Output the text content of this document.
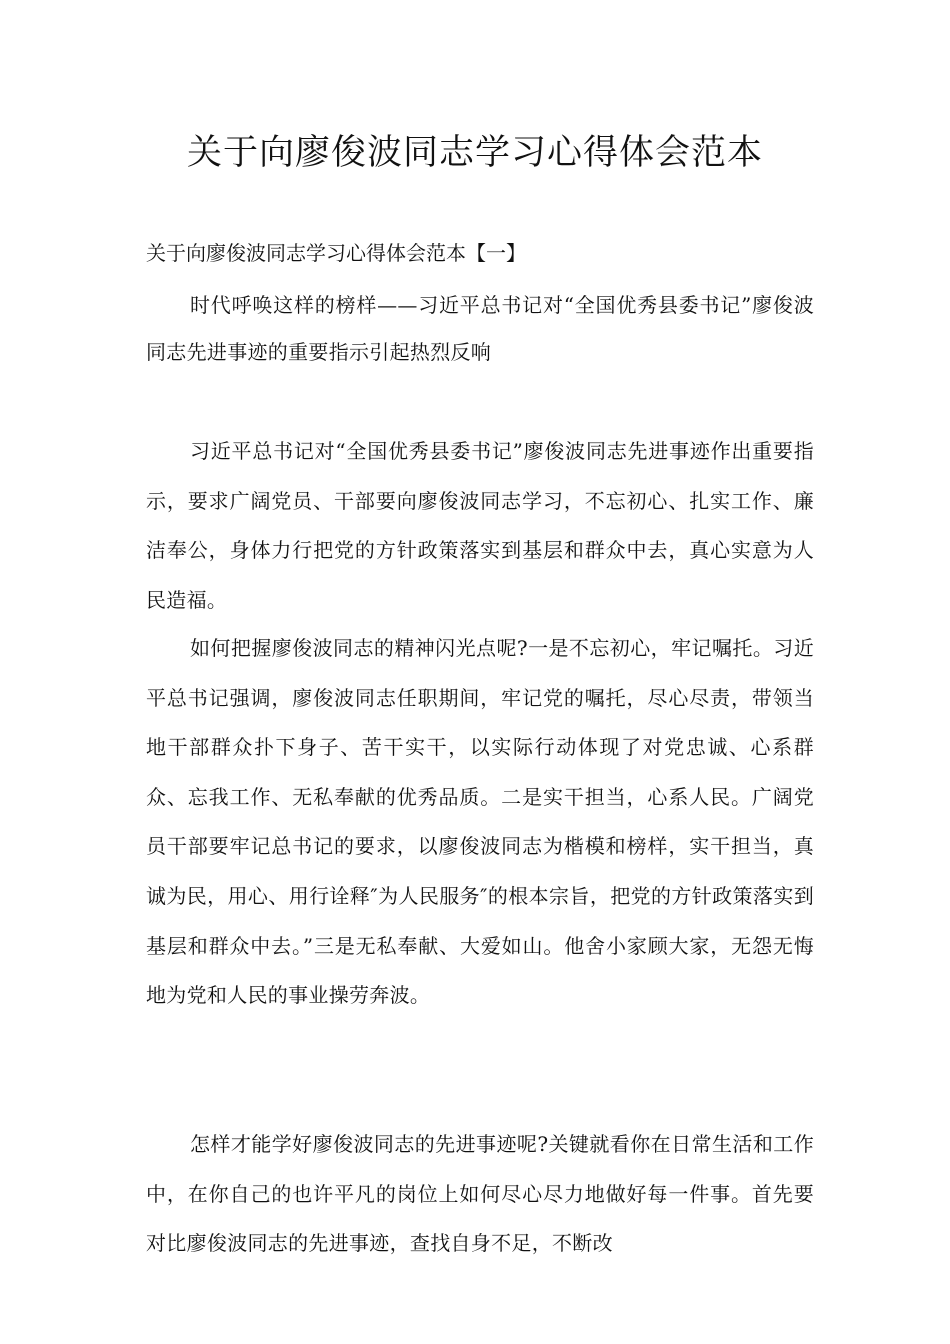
关于向廖俊波同志学习心得体会范本

关于向廖俊波同志学习心得体会范本【一】

时代呼唤这样的榜样——习近平总书记对“全国优秀县委书记”廖俊波同志先进事迹的重要指示引起热烈反响

习近平总书记对“全国优秀县委书记”廖俊波同志先进事迹作出重要指示，要求广阔党员、干部要向廖俊波同志学习，不忘初心、扎实工作、廉洁奉公，身体力行把党的方针政策落实到基层和群众中去，真心实意为人民造福。

如何把握廖俊波同志的精神闪光点呢?一是不忘初心，牢记嘱托。习近平总书记强调，廖俊波同志任职期间，牢记党的嘱托，尽心尽责，带领当地干部群众扑下身子、苦干实干，以实际行动体现了对党忠诚、心系群众、忘我工作、无私奉献的优秀品质。二是实干担当，心系人民。广阔党员干部要牢记总书记的要求，以廖俊波同志为楷模和榜样，实干担当，真诚为民，用心、用行诠释″为人民服务″的根本宗旨，把党的方针政策落实到基层和群众中去。”三是无私奉献、大爱如山。他舍小家顾大家，无怨无悔地为党和人民的事业操劳奔波。

怎样才能学好廖俊波同志的先进事迹呢?关键就看你在日常生活和工作中，在你自己的也许平凡的岗位上如何尽心尽力地做好每一件事。首先要对比廖俊波同志的先进事迹，查找自身不足，不断改
